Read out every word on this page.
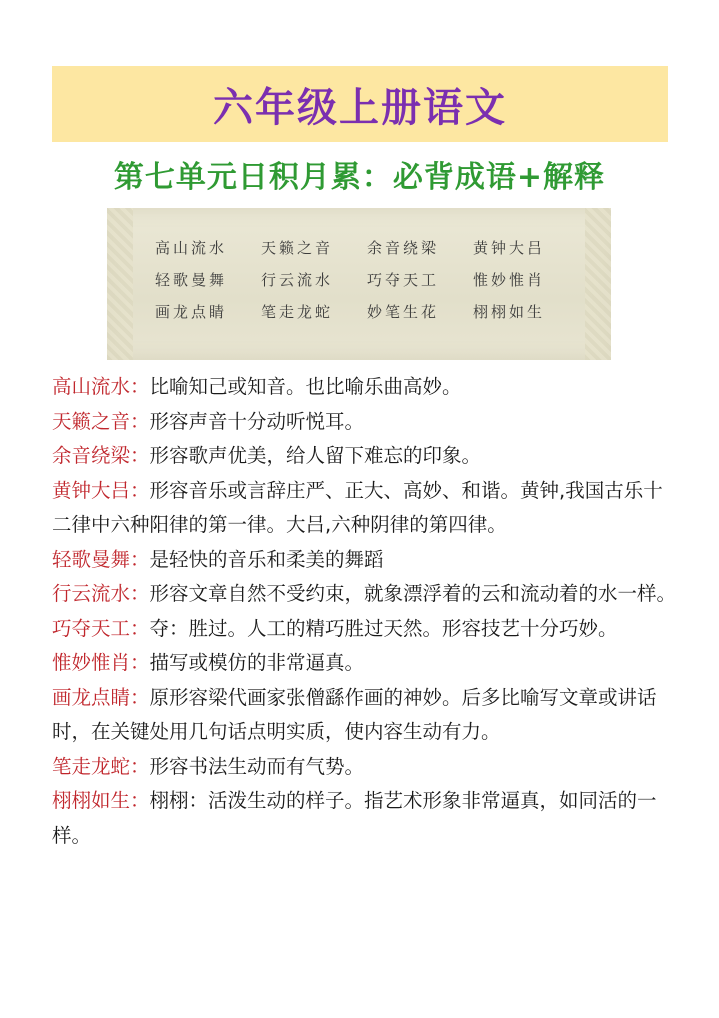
六年级上册语文
第七单元日积月累：必背成语+解释
高山流水	天籁之音	余音绕梁	黄钟大吕
轻歌曼舞	行云流水	巧夺天工	惟妙惟肖
画龙点睛	笔走龙蛇	妙笔生花	栩栩如生
高山流水：比喻知己或知音。也比喻乐曲高妙。
天籁之音：形容声音十分动听悦耳。
余音绕梁：形容歌声优美，给人留下难忘的印象。
黄钟大吕：形容音乐或言辞庄严、正大、高妙、和谐。黄钟,我国古乐十二律中六种阳律的第一律。大吕,六种阴律的第四律。
轻歌曼舞：是轻快的音乐和柔美的舞蹈
行云流水：形容文章自然不受约束，就象漂浮着的云和流动着的水一样。
巧夺天工：夺：胜过。人工的精巧胜过天然。形容技艺十分巧妙。
惟妙惟肖：描写或模仿的非常逼真。
画龙点睛：原形容梁代画家张僧繇作画的神妙。后多比喻写文章或讲话时，在关键处用几句话点明实质，使内容生动有力。
笔走龙蛇：形容书法生动而有气势。
栩栩如生：栩栩：活泼生动的样子。指艺术形象非常逼真，如同活的一样。
